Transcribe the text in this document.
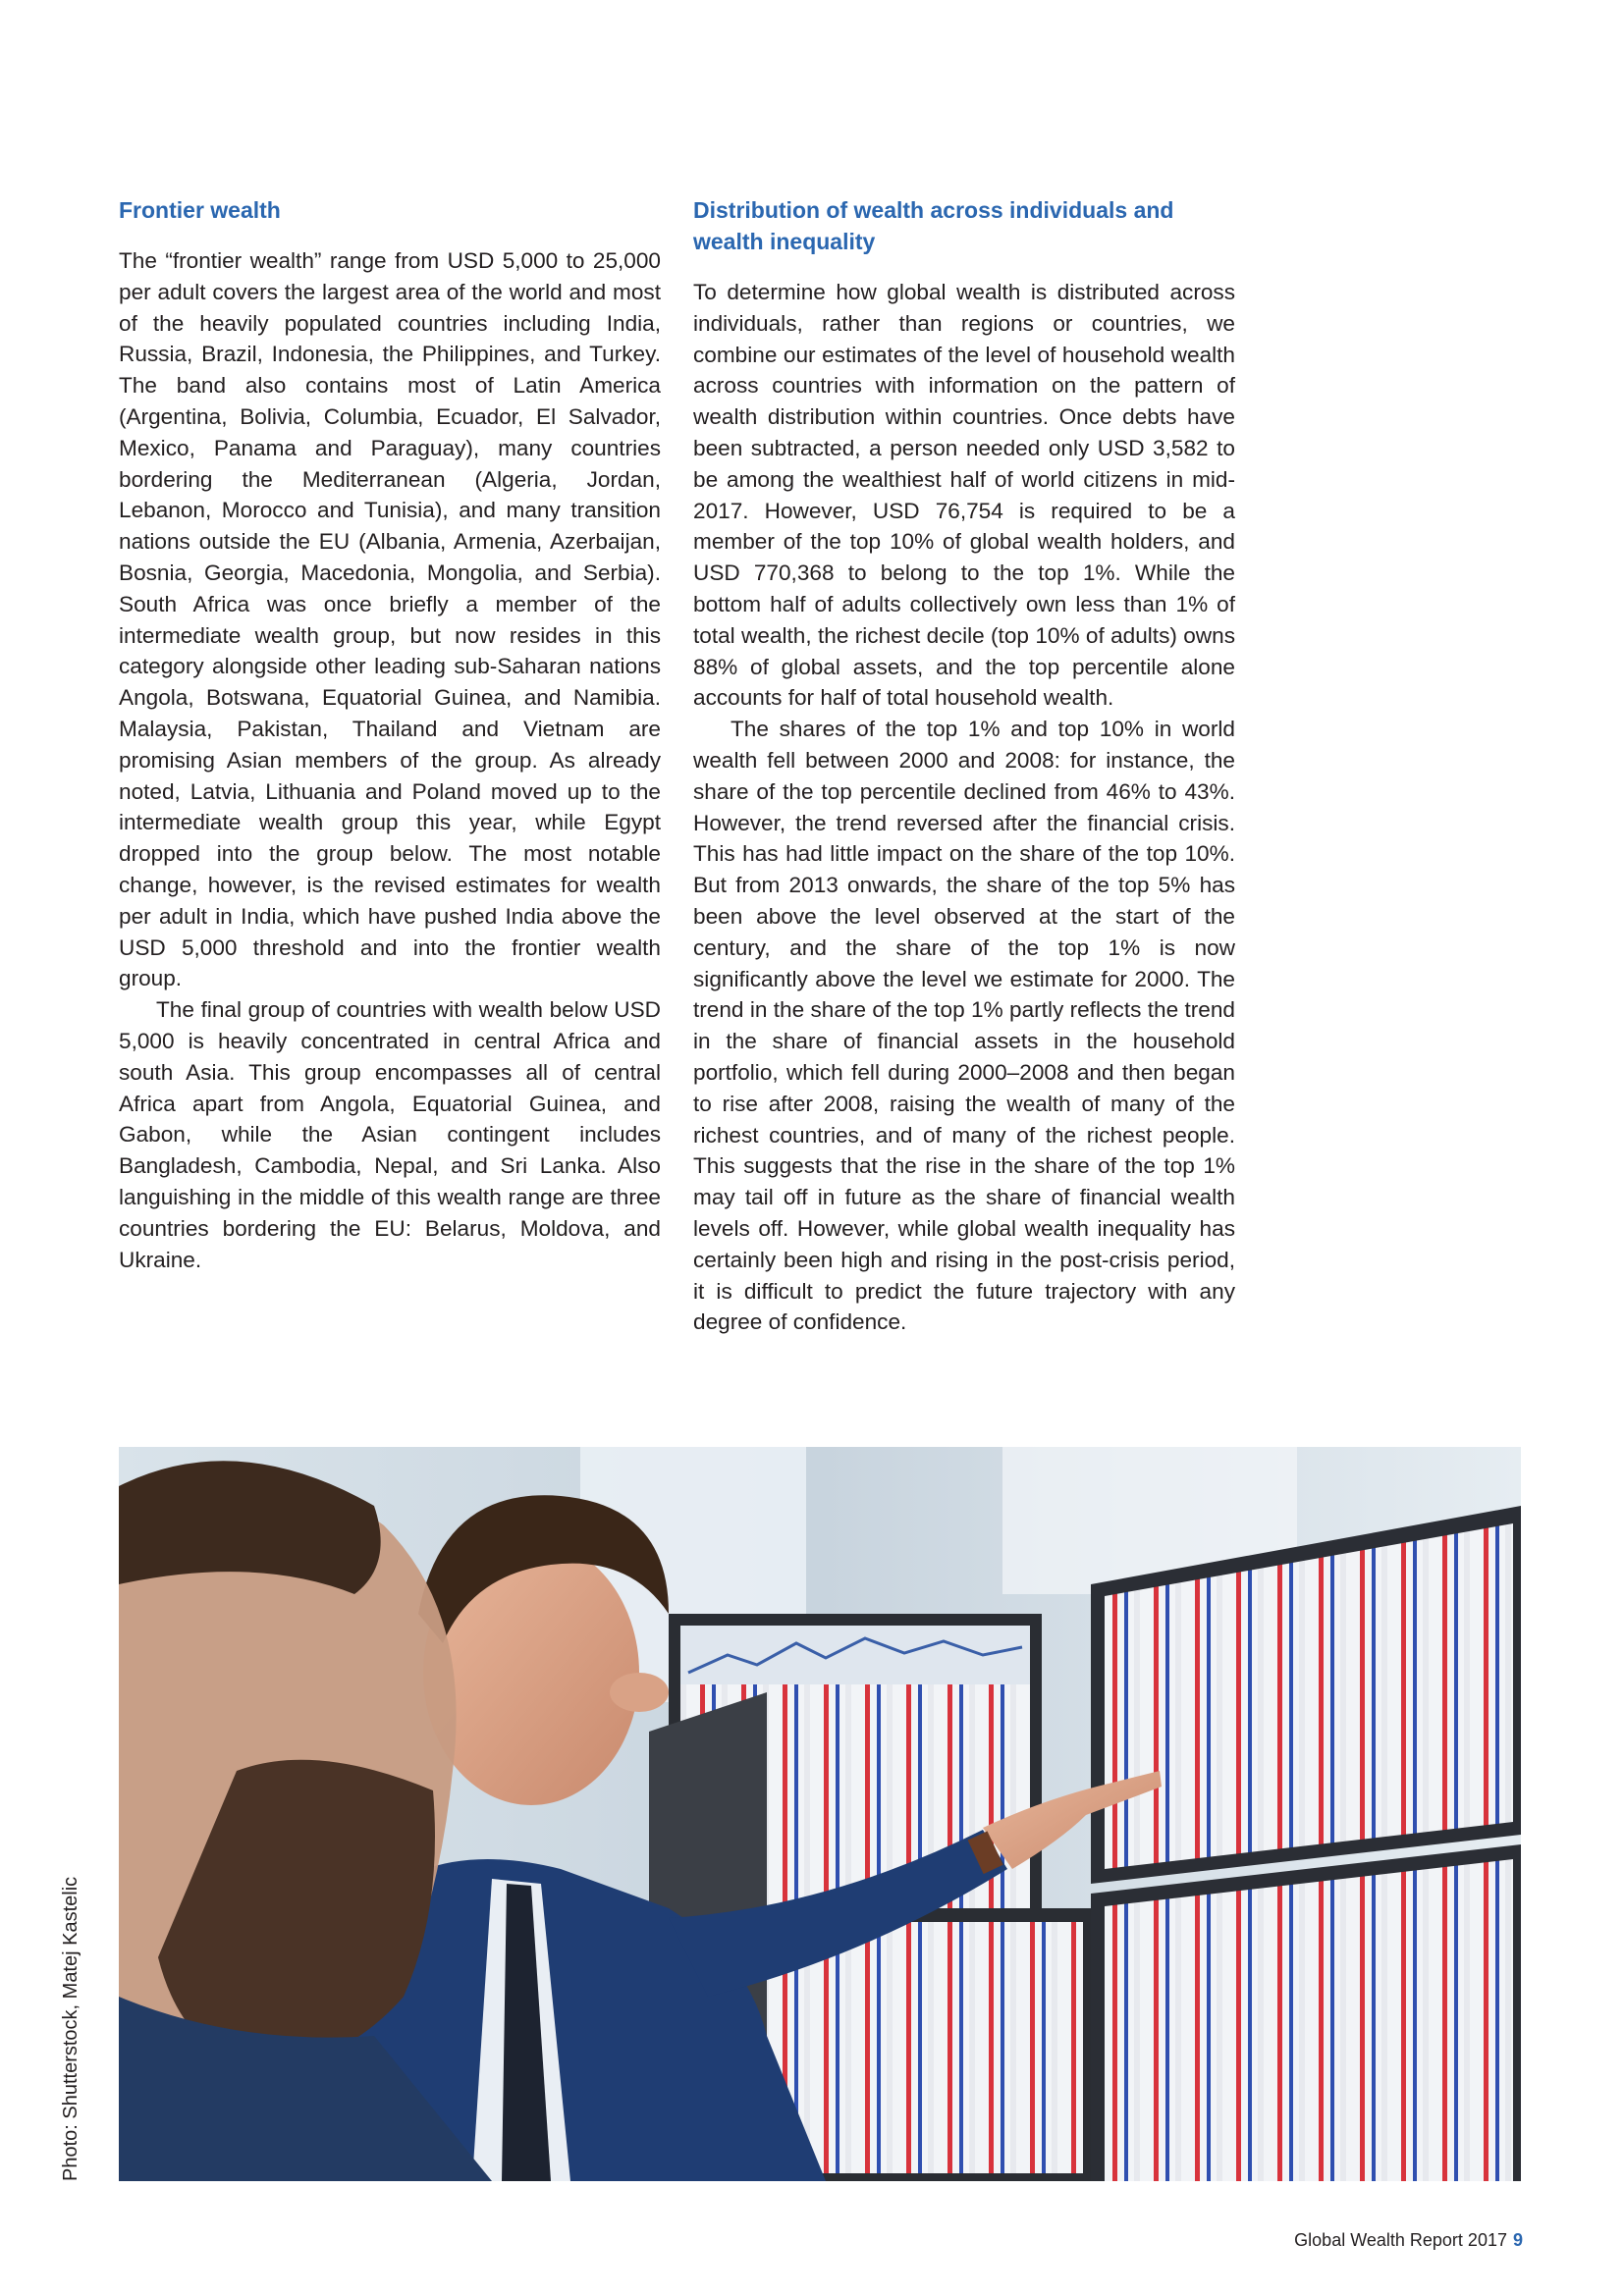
Frontier wealth

The “frontier wealth” range from USD 5,000 to 25,000 per adult covers the largest area of the world and most of the heavily populated countries including India, Russia, Brazil, Indonesia, the Philippines, and Turkey. The band also contains most of Latin America (Argentina, Bolivia, Columbia, Ecuador, El Salvador, Mexico, Panama and Paraguay), many countries bordering the Mediterranean (Algeria, Jordan, Lebanon, Morocco and Tunisia), and many transition nations outside the EU (Albania, Armenia, Azerbaijan, Bosnia, Georgia, Macedonia, Mongolia, and Serbia). South Africa was once briefly a member of the intermediate wealth group, but now resides in this category alongside other leading sub-Saharan nations Angola, Botswana, Equatorial Guinea, and Namibia. Malaysia, Pakistan, Thailand and Vietnam are promising Asian members of the group. As already noted, Latvia, Lithuania and Poland moved up to the intermediate wealth group this year, while Egypt dropped into the group below. The most notable change, however, is the revised estimates for wealth per adult in India, which have pushed India above the USD 5,000 threshold and into the frontier wealth group.

The final group of countries with wealth below USD 5,000 is heavily concentrated in central Africa and south Asia. This group encompasses all of central Africa apart from Angola, Equatorial Guinea, and Gabon, while the Asian contingent includes Bangladesh, Cambodia, Nepal, and Sri Lanka. Also languishing in the middle of this wealth range are three countries bordering the EU: Belarus, Moldova, and Ukraine.

Distribution of wealth across individuals and wealth inequality

To determine how global wealth is distributed across individuals, rather than regions or countries, we combine our estimates of the level of household wealth across countries with information on the pattern of wealth distribution within countries. Once debts have been subtracted, a person needed only USD 3,582 to be among the wealthiest half of world citizens in mid-2017. However, USD 76,754 is required to be a member of the top 10% of global wealth holders, and USD 770,368 to belong to the top 1%. While the bottom half of adults collectively own less than 1% of total wealth, the richest decile (top 10% of adults) owns 88% of global assets, and the top percentile alone accounts for half of total household wealth.

The shares of the top 1% and top 10% in world wealth fell between 2000 and 2008: for instance, the share of the top percentile declined from 46% to 43%. However, the trend reversed after the financial crisis. This has had little impact on the share of the top 10%. But from 2013 onwards, the share of the top 5% has been above the level observed at the start of the century, and the share of the top 1% is now significantly above the level we estimate for 2000. The trend in the share of the top 1% partly reflects the trend in the share of financial assets in the household portfolio, which fell during 2000–2008 and then began to rise after 2008, raising the wealth of many of the richest countries, and of many of the richest people. This suggests that the rise in the share of the top 1% may tail off in future as the share of financial wealth levels off. However, while global wealth inequality has certainly been high and rising in the post-crisis period, it is difficult to predict the future trajectory with any degree of confidence.

Photo: Shutterstock, Matej Kastelic
Global Wealth Report 2017 9
